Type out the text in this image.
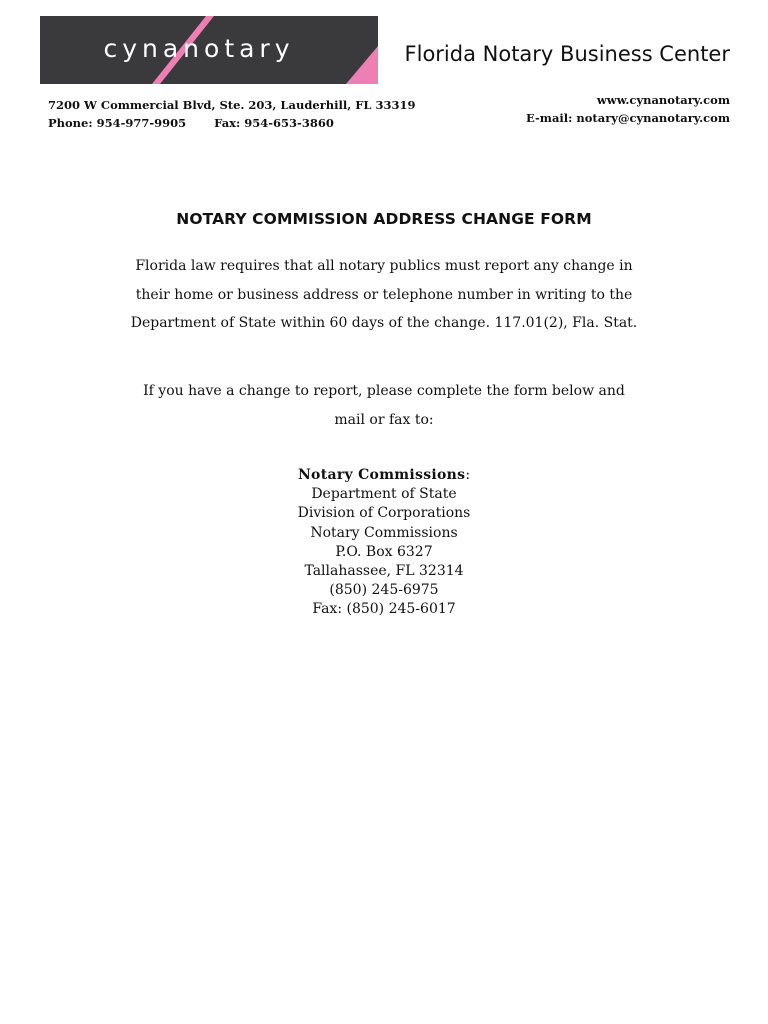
cynanotary	Florida Notary Business Center
7200 W Commercial Blvd, Ste. 203, Lauderhill, FL 33319
Phone: 954-977-9905 Fax: 954-653-3860
www.cynanotary.com
E-mail: notary@cynanotary.com
NOTARY COMMISSION ADDRESS CHANGE FORM
Florida law requires that all notary publics must report any change in
their home or business address or telephone number in writing to the
Department of State within 60 days of the change. 117.01(2), Fla. Stat.
If you have a change to report, please complete the form below and
mail or fax to:
Notary Commissions:
Department of State
Division of Corporations
Notary Commissions
P.O. Box 6327
Tallahassee, FL 32314
(850) 245-6975
Fax: (850) 245-6017
